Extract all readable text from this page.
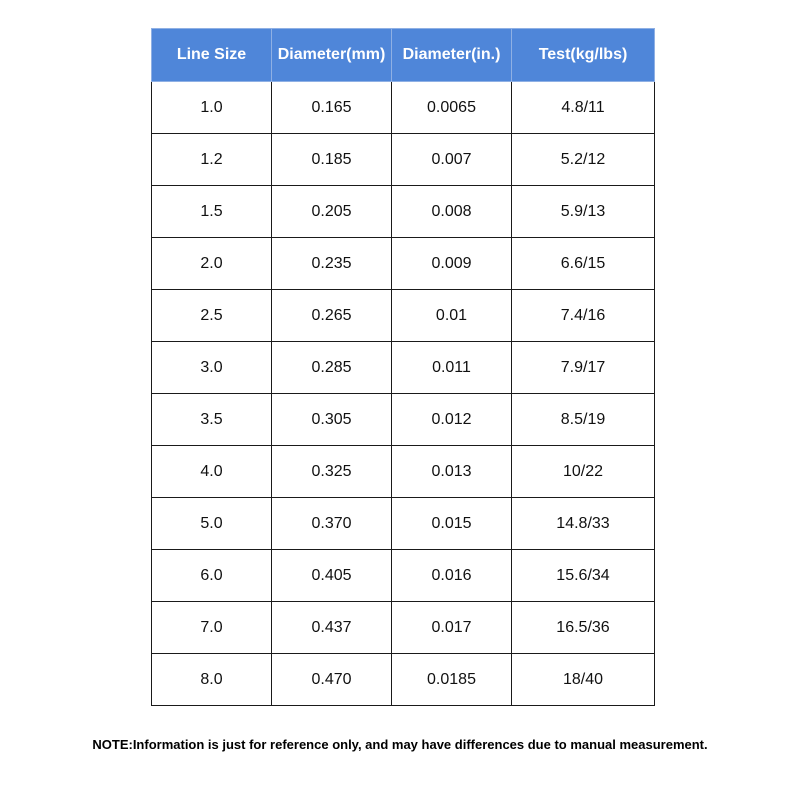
Line Size	Diameter(mm)	Diameter(in.)	Test(kg/lbs)
1.0	0.165	0.0065	4.8/11
1.2	0.185	0.007	5.2/12
1.5	0.205	0.008	5.9/13
2.0	0.235	0.009	6.6/15
2.5	0.265	0.01	7.4/16
3.0	0.285	0.011	7.9/17
3.5	0.305	0.012	8.5/19
4.0	0.325	0.013	10/22
5.0	0.370	0.015	14.8/33
6.0	0.405	0.016	15.6/34
7.0	0.437	0.017	16.5/36
8.0	0.470	0.0185	18/40
NOTE:Information is just for reference only, and may have differences due to manual measurement.
